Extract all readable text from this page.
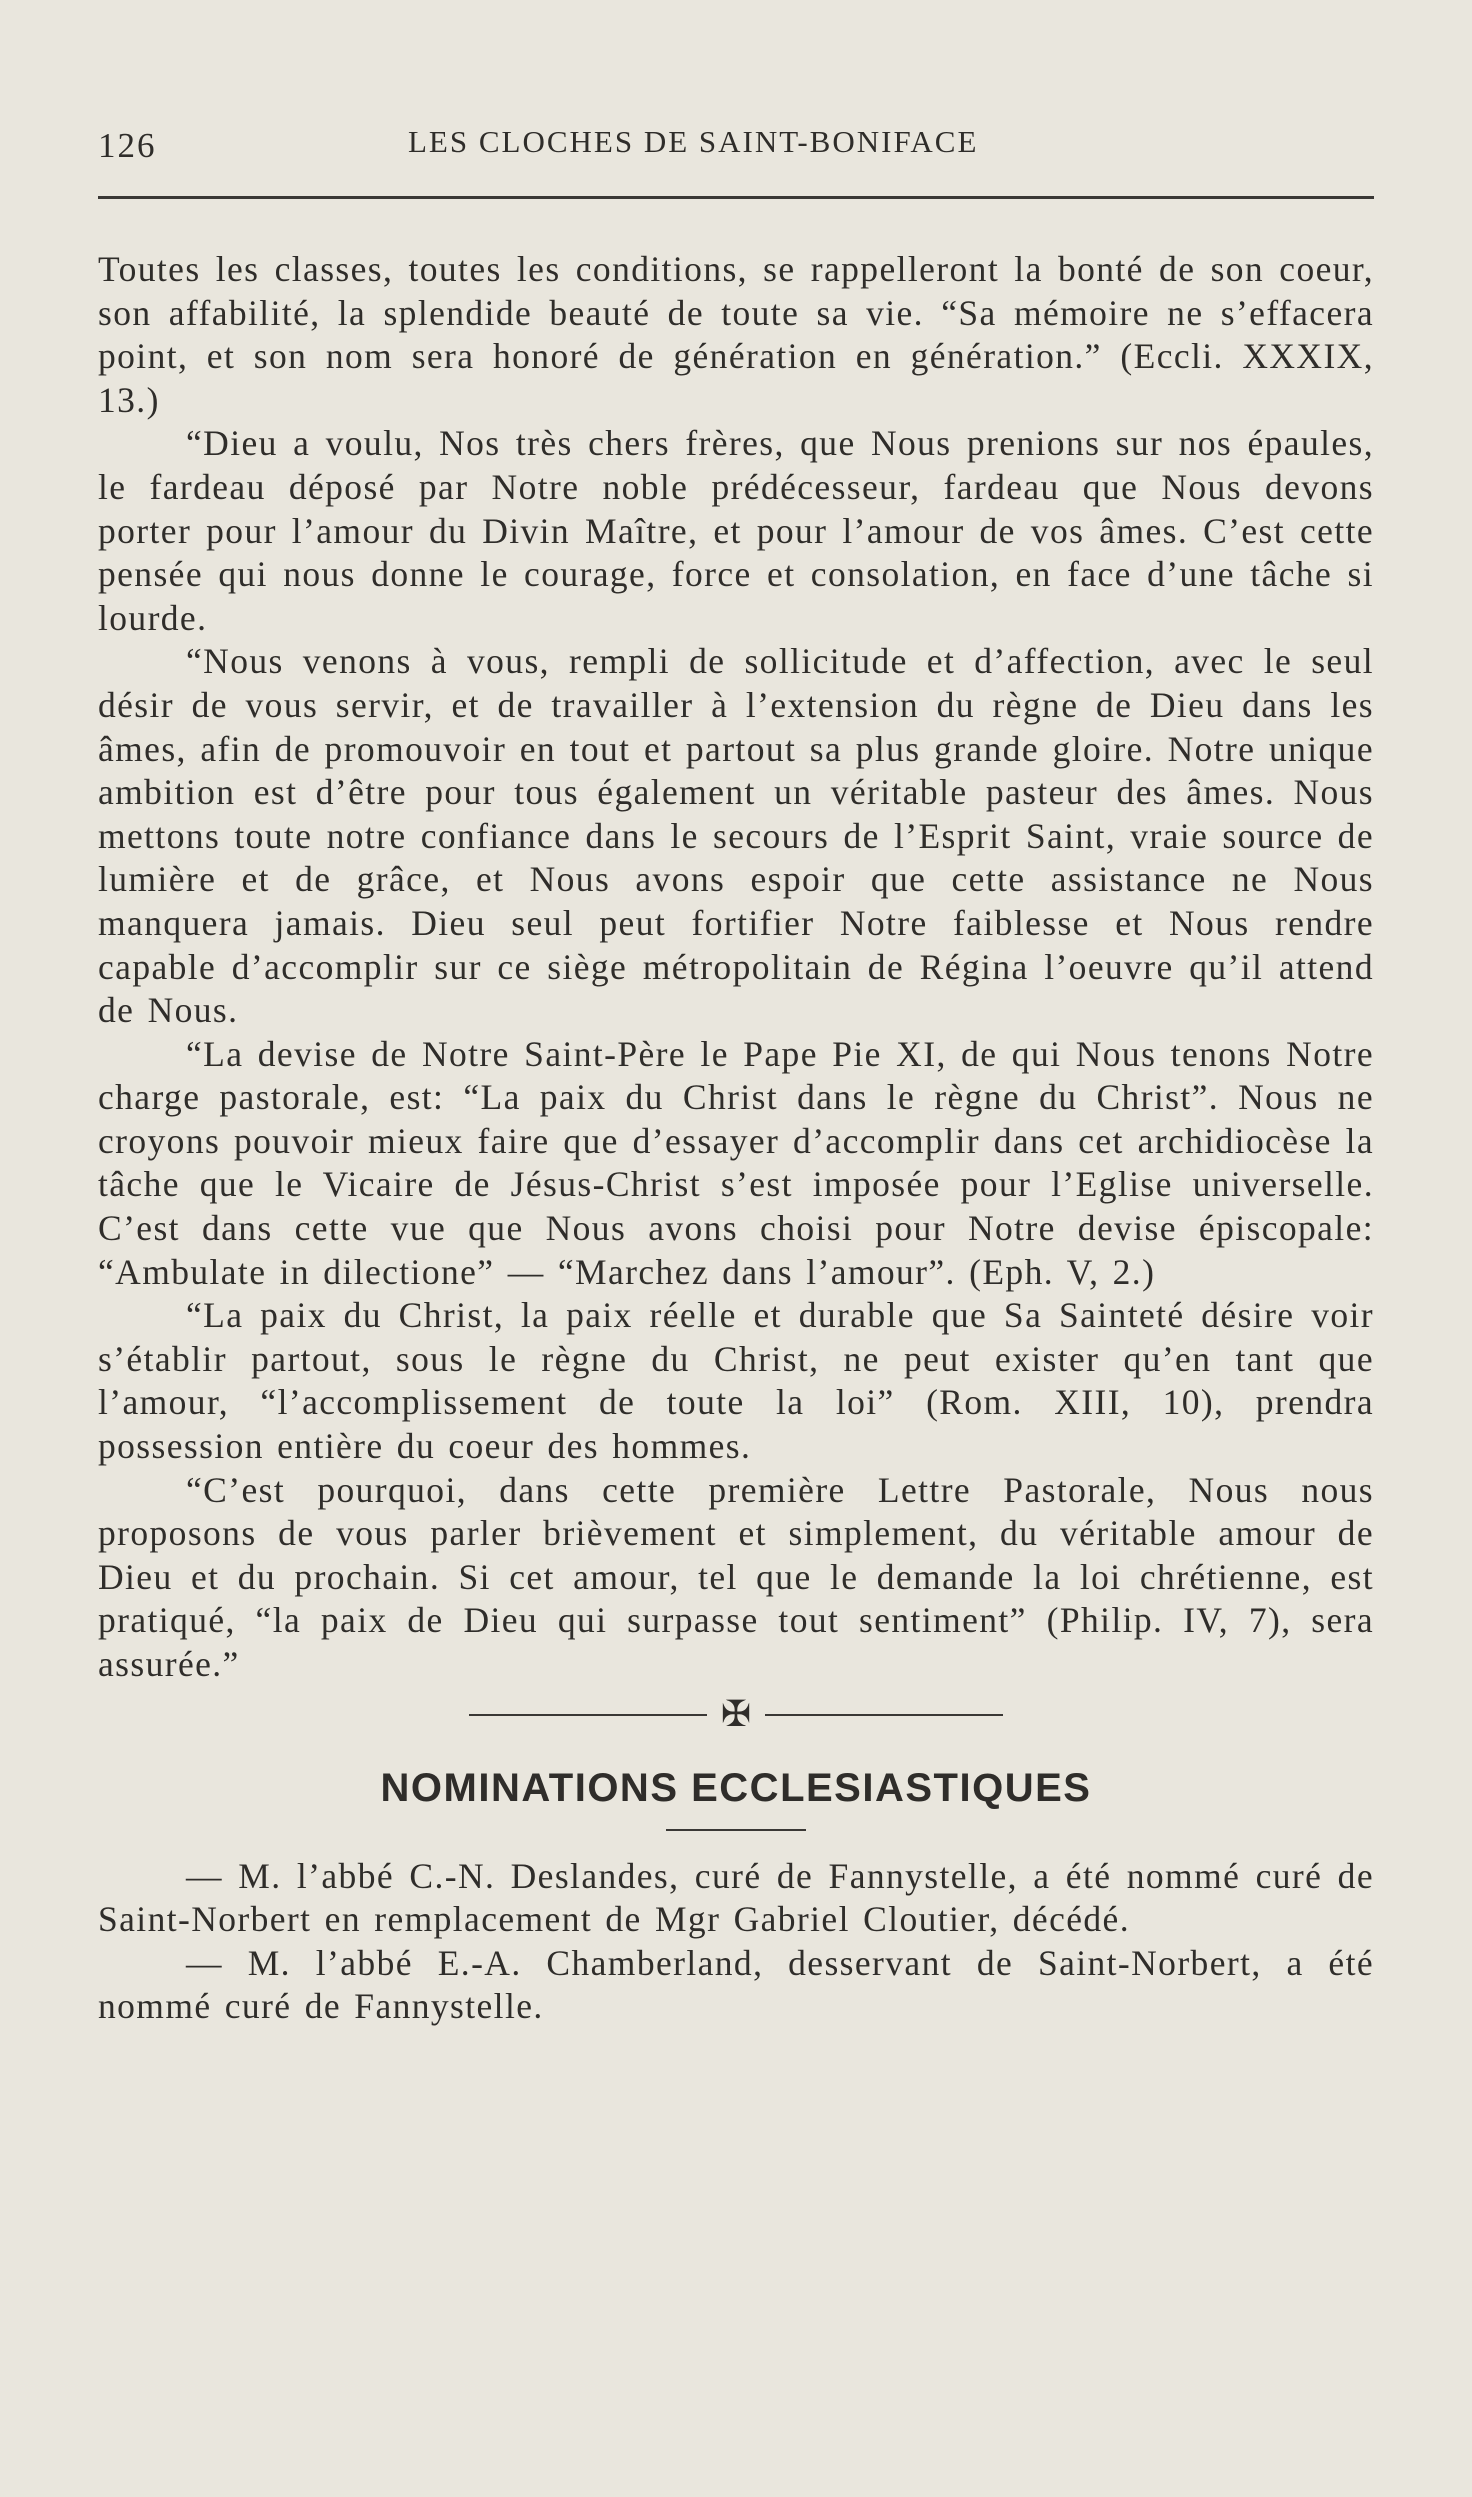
126	LES CLOCHES DE SAINT-BONIFACE

Toutes les classes, toutes les conditions, se rappelleront la bonté de son coeur, son affabilité, la splendide beauté de toute sa vie. “Sa mémoire ne s’effacera point, et son nom sera honoré de génération en génération.” (Eccli. XXXIX, 13.)

“Dieu a voulu, Nos très chers frères, que Nous prenions sur nos épaules, le fardeau déposé par Notre noble prédécesseur, fardeau que Nous devons porter pour l’amour du Divin Maître, et pour l’amour de vos âmes. C’est cette pensée qui nous donne le courage, force et consolation, en face d’une tâche si lourde.

“Nous venons à vous, rempli de sollicitude et d’affection, avec le seul désir de vous servir, et de travailler à l’extension du règne de Dieu dans les âmes, afin de promouvoir en tout et partout sa plus grande gloire. Notre unique ambition est d’être pour tous également un véritable pasteur des âmes. Nous mettons toute notre confiance dans le secours de l’Esprit Saint, vraie source de lumière et de grâce, et Nous avons espoir que cette assistance ne Nous manquera jamais. Dieu seul peut fortifier Notre faiblesse et Nous rendre capable d’accomplir sur ce siège métropolitain de Régina l’oeuvre qu’il attend de Nous.

“La devise de Notre Saint-Père le Pape Pie XI, de qui Nous tenons Notre charge pastorale, est: “La paix du Christ dans le règne du Christ”. Nous ne croyons pouvoir mieux faire que d’essayer d’accomplir dans cet archidiocèse la tâche que le Vicaire de Jésus-Christ s’est imposée pour l’Eglise universelle. C’est dans cette vue que Nous avons choisi pour Notre devise épiscopale: “Ambulate in dilectione” — “Marchez dans l’amour”. (Eph. V, 2.)

“La paix du Christ, la paix réelle et durable que Sa Sainteté désire voir s’établir partout, sous le règne du Christ, ne peut exister qu’en tant que l’amour, “l’accomplissement de toute la loi” (Rom. XIII, 10), prendra possession entière du coeur des hommes.

“C’est pourquoi, dans cette première Lettre Pastorale, Nous nous proposons de vous parler brièvement et simplement, du véritable amour de Dieu et du prochain. Si cet amour, tel que le demande la loi chrétienne, est pratiqué, “la paix de Dieu qui surpasse tout sentiment” (Philip. IV, 7), sera assurée.”

✠
NOMINATIONS ECCLESIASTIQUES

— M. l’abbé C.-N. Deslandes, curé de Fannystelle, a été nommé curé de Saint-Norbert en remplacement de Mgr Gabriel Cloutier, décédé.

— M. l’abbé E.-A. Chamberland, desservant de Saint-Norbert, a été nommé curé de Fannystelle.
